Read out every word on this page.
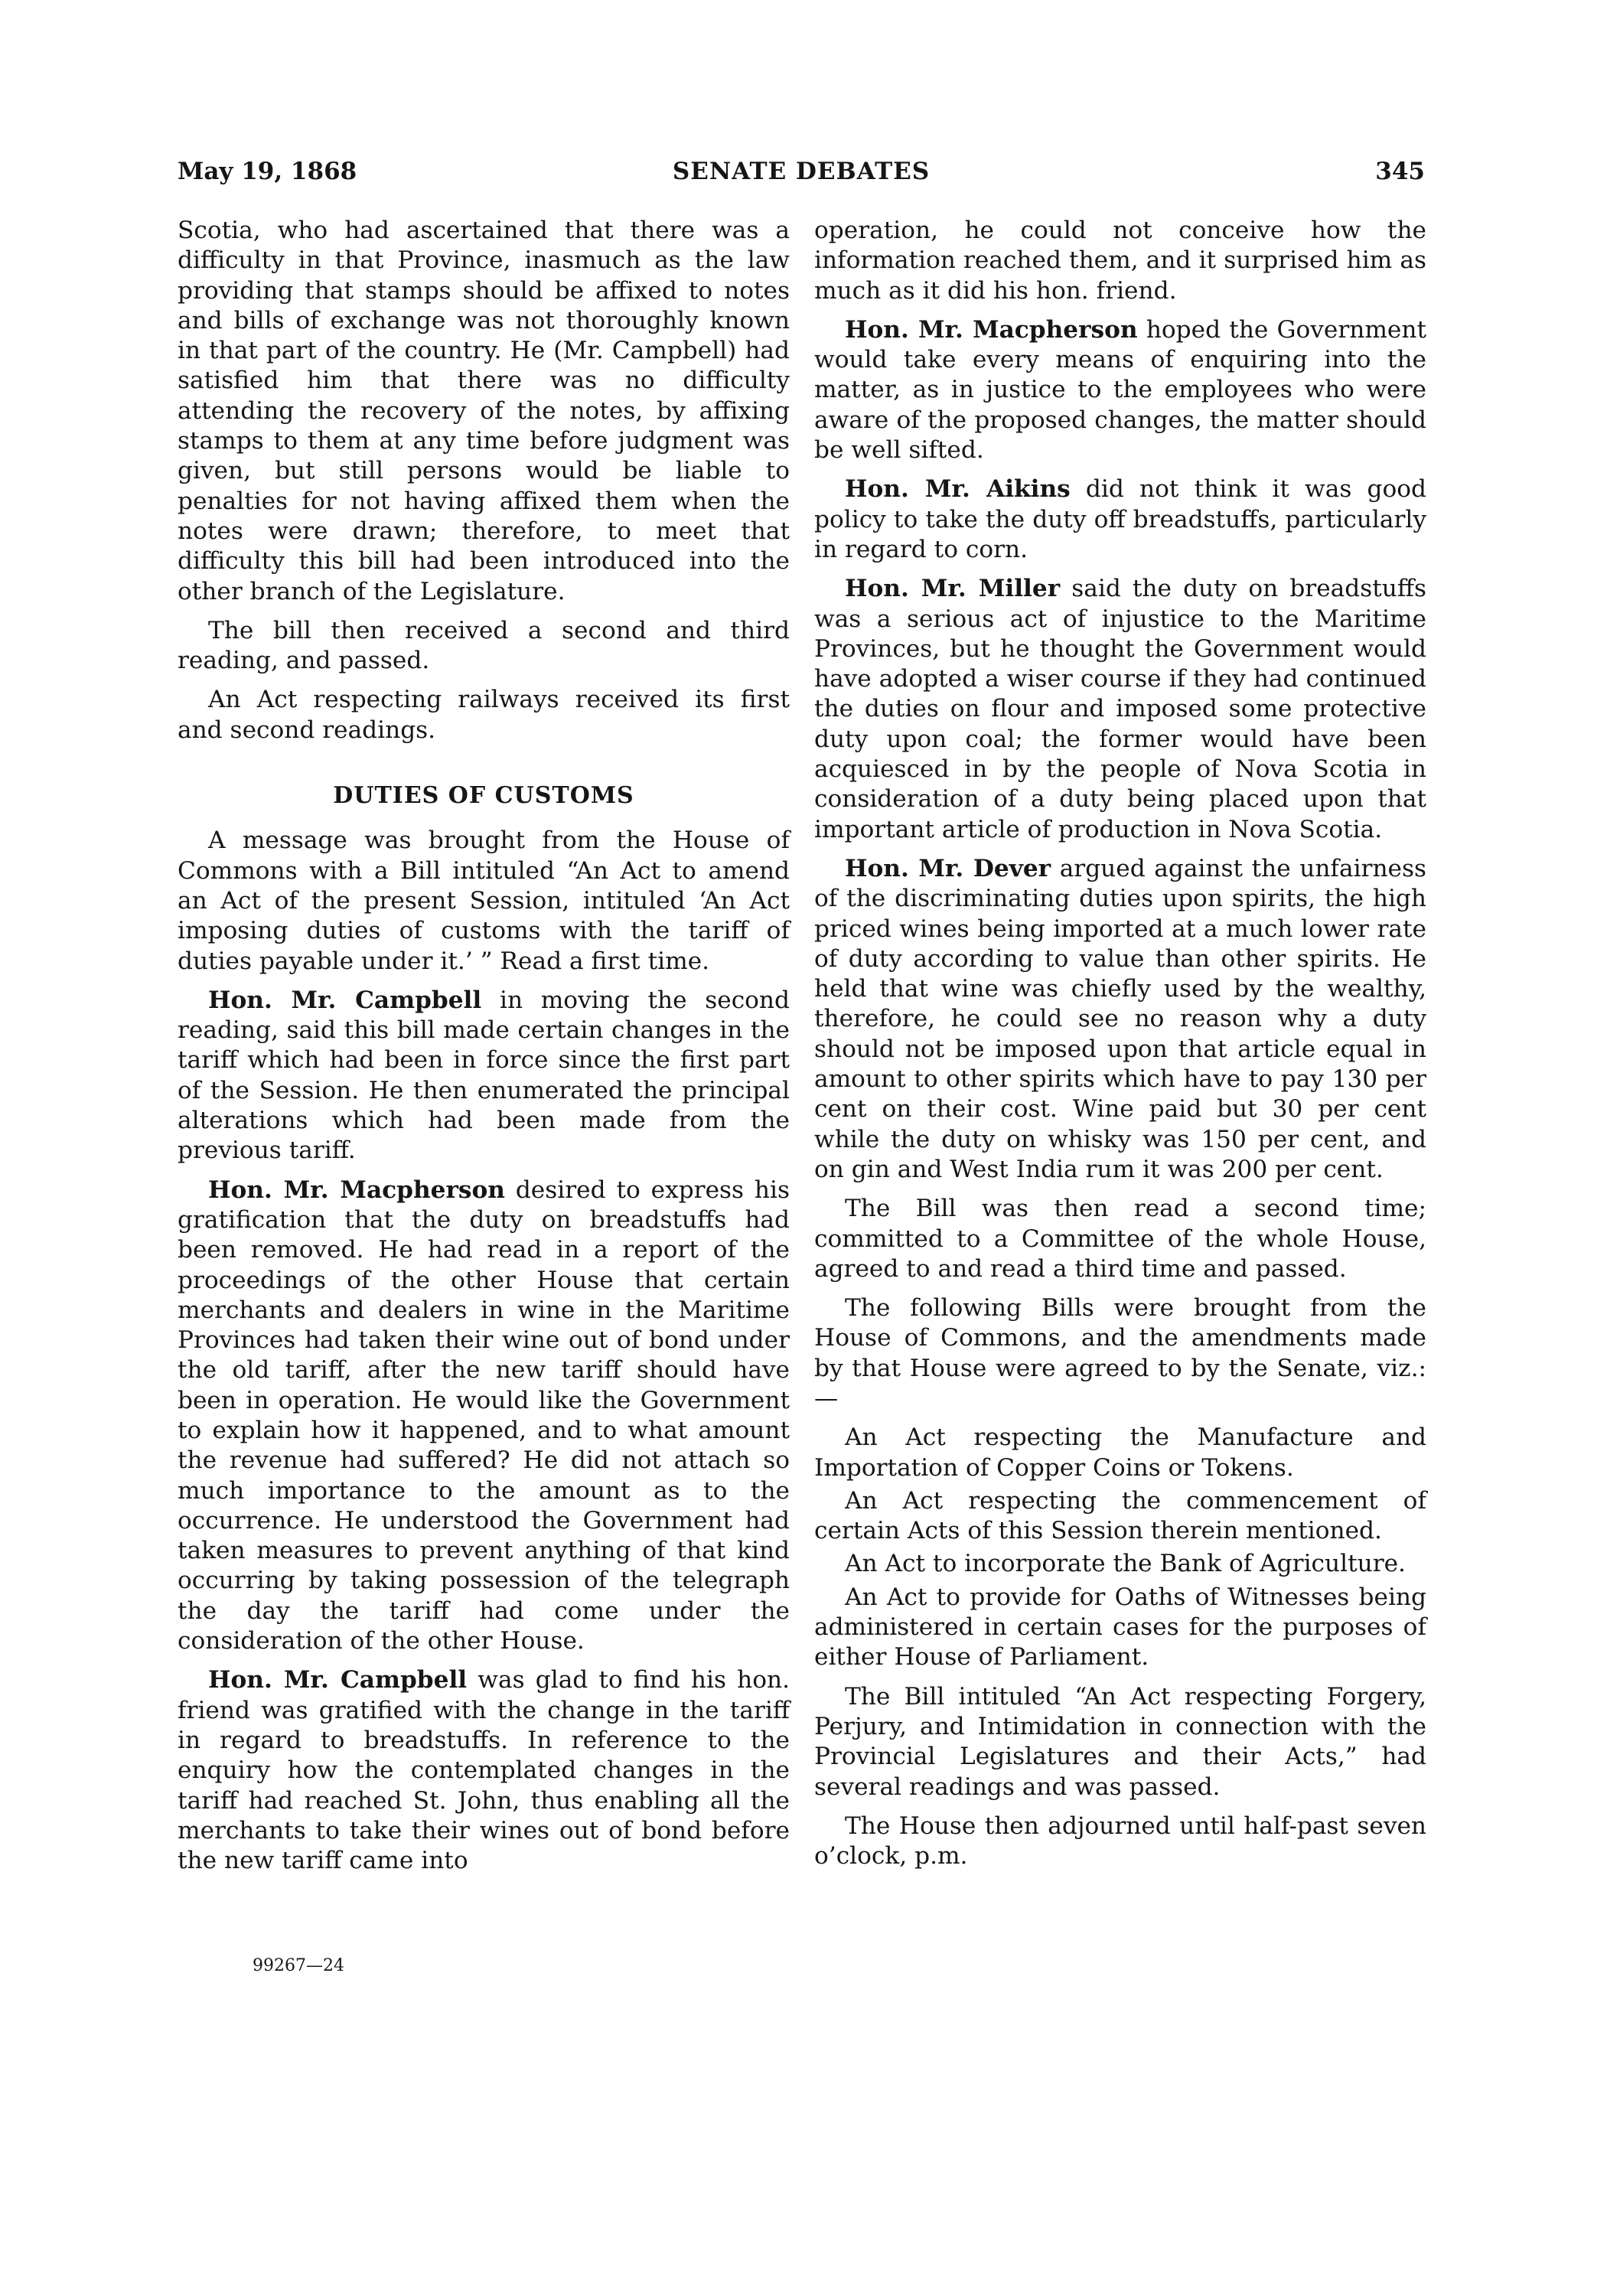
May 19, 1868	SENATE DEBATES	345

Scotia, who had ascertained that there was a difficulty in that Province, inasmuch as the law providing that stamps should be affixed to notes and bills of exchange was not thoroughly known in that part of the country. He (Mr. Campbell) had satisfied him that there was no difficulty attending the recovery of the notes, by affixing stamps to them at any time before judgment was given, but still persons would be liable to penalties for not having affixed them when the notes were drawn; therefore, to meet that difficulty this bill had been introduced into the other branch of the Legislature.

The bill then received a second and third reading, and passed.

An Act respecting railways received its first and second readings.

DUTIES OF CUSTOMS

A message was brought from the House of Commons with a Bill intituled “An Act to amend an Act of the present Session, intituled ‘An Act imposing duties of customs with the tariff of duties payable under it.’ ” Read a first time.

Hon. Mr. Campbell in moving the second reading, said this bill made certain changes in the tariff which had been in force since the first part of the Session. He then enumerated the principal alterations which had been made from the previous tariff.

Hon. Mr. Macpherson desired to express his gratification that the duty on breadstuffs had been removed. He had read in a report of the proceedings of the other House that certain merchants and dealers in wine in the Maritime Provinces had taken their wine out of bond under the old tariff, after the new tariff should have been in operation. He would like the Government to explain how it happened, and to what amount the revenue had suffered? He did not attach so much importance to the amount as to the occurrence. He understood the Government had taken measures to prevent anything of that kind occurring by taking possession of the telegraph the day the tariff had come under the consideration of the other House.

Hon. Mr. Campbell was glad to find his hon. friend was gratified with the change in the tariff in regard to breadstuffs. In reference to the enquiry how the contemplated changes in the tariff had reached St. John, thus enabling all the merchants to take their wines out of bond before the new tariff came into

99267—24

operation, he could not conceive how the information reached them, and it surprised him as much as it did his hon. friend.

Hon. Mr. Macpherson hoped the Government would take every means of enquiring into the matter, as in justice to the employees who were aware of the proposed changes, the matter should be well sifted.

Hon. Mr. Aikins did not think it was good policy to take the duty off breadstuffs, particularly in regard to corn.

Hon. Mr. Miller said the duty on breadstuffs was a serious act of injustice to the Maritime Provinces, but he thought the Government would have adopted a wiser course if they had continued the duties on flour and imposed some protective duty upon coal; the former would have been acquiesced in by the people of Nova Scotia in consideration of a duty being placed upon that important article of production in Nova Scotia.

Hon. Mr. Dever argued against the unfairness of the discriminating duties upon spirits, the high priced wines being imported at a much lower rate of duty according to value than other spirits. He held that wine was chiefly used by the wealthy, therefore, he could see no reason why a duty should not be imposed upon that article equal in amount to other spirits which have to pay 130 per cent on their cost. Wine paid but 30 per cent while the duty on whisky was 150 per cent, and on gin and West India rum it was 200 per cent.

The Bill was then read a second time; committed to a Committee of the whole House, agreed to and read a third time and passed.

The following Bills were brought from the House of Commons, and the amendments made by that House were agreed to by the Senate, viz.:—

An Act respecting the Manufacture and Importation of Copper Coins or Tokens.

An Act respecting the commencement of certain Acts of this Session therein mentioned.

An Act to incorporate the Bank of Agriculture.

An Act to provide for Oaths of Witnesses being administered in certain cases for the purposes of either House of Parliament.

The Bill intituled “An Act respecting Forgery, Perjury, and Intimidation in connection with the Provincial Legislatures and their Acts,” had several readings and was passed.

The House then adjourned until half-past seven o’clock, p.m.
